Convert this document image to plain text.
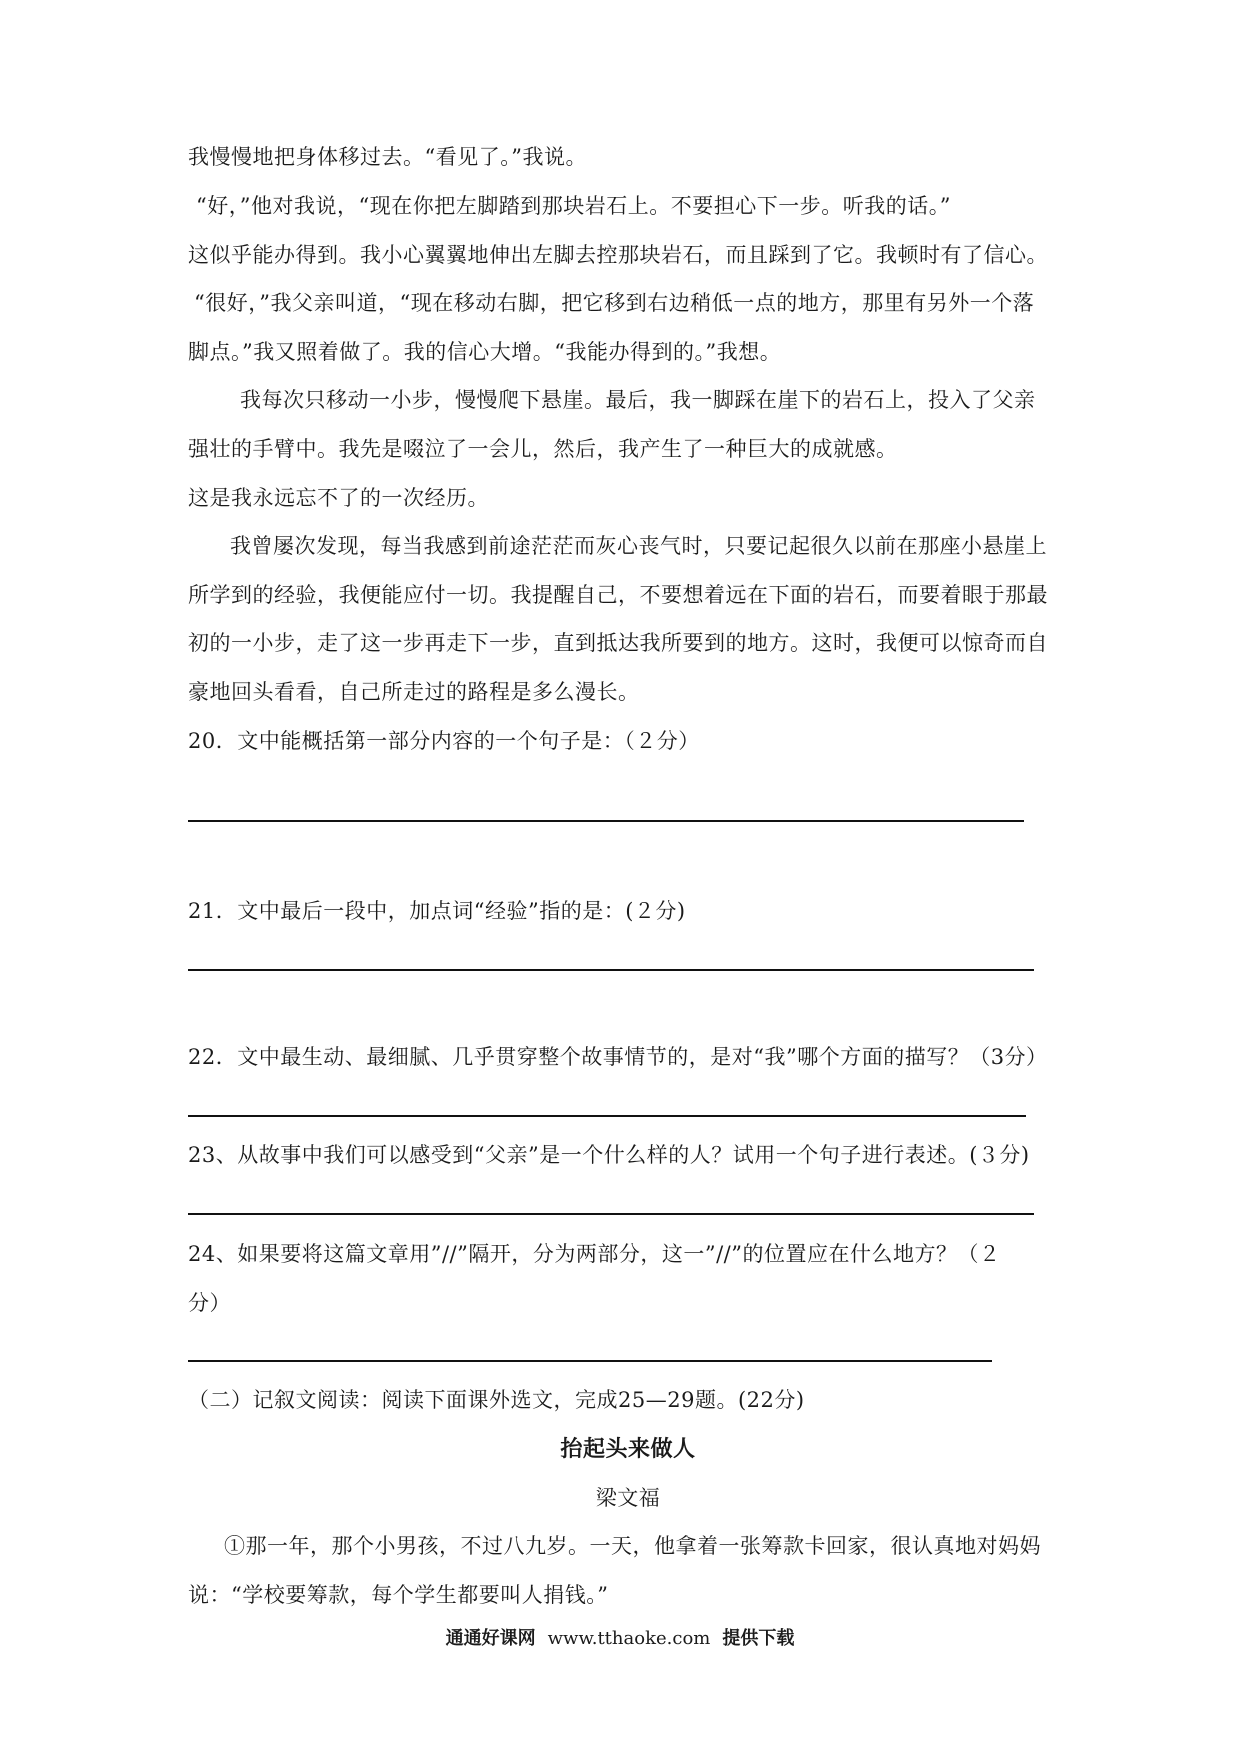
我慢慢地把身体移过去。“看见了。”我说。
“好，”他对我说，“现在你把左脚踏到那块岩石上。不要担心下一步。听我的话。”
这似乎能办得到。我小心翼翼地伸出左脚去控那块岩石，而且踩到了它。我顿时有了信心。
“很好，”我父亲叫道，“现在移动右脚，把它移到右边稍低一点的地方，那里有另外一个落
脚点。”我又照着做了。我的信心大增。“我能办得到的。”我想。
我每次只移动一小步，慢慢爬下悬崖。最后，我一脚踩在崖下的岩石上，投入了父亲
强壮的手臂中。我先是啜泣了一会儿，然后，我产生了一种巨大的成就感。
这是我永远忘不了的一次经历。
我曾屡次发现，每当我感到前途茫茫而灰心丧气时，只要记起很久以前在那座小悬崖上
所学到的经验，我便能应付一切。我提醒自己，不要想着远在下面的岩石，而要着眼于那最
初的一小步，走了这一步再走下一步，直到抵达我所要到的地方。这时，我便可以惊奇而自
豪地回头看看，自己所走过的路程是多么漫长。
20．文中能概括第一部分内容的一个句子是：（２分）
21．文中最后一段中，加点词“经验”指的是：(２分)
22．文中最生动、最细腻、几乎贯穿整个故事情节的，是对“我”哪个方面的描写？（3分）
23、从故事中我们可以感受到“父亲”是一个什么样的人？试用一个句子进行表述。(３分)
24、如果要将这篇文章用”//”隔开，分为两部分，这一”//”的位置应在什么地方？（２
分）
（二）记叙文阅读：阅读下面课外选文，完成25—29题。(22分)
抬起头来做人
梁文福
①那一年，那个小男孩，不过八九岁。一天，他拿着一张筹款卡回家，很认真地对妈妈
说：“学校要筹款，每个学生都要叫人捐钱。”
通通好课网 www.tthaoke.com 提供下载
